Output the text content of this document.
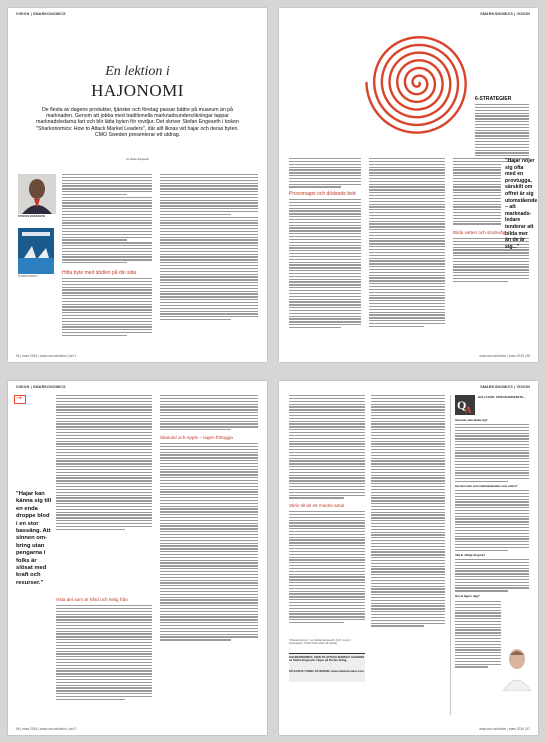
VISION | SMARKONOMICS
En lektion i
HAJONOMI
De flesta av dagens produkter, tjänster och företag passar bättre på museum än på marknaden. Genom att jobba med traditionella marknadsundersökningar tappar marknadsledarna fart och blir lätta byten för rovdjur. Det skriver Stefan Engeseth i boken "Sharkonomics: How to Attack Market Leaders", där allt liknas vid hajar och deras byten. CMO Sweden presenterar ett utdrag.
Av Stefan Engeseth
STEFAN ENGESETH
SHARKONOMICS
Hitta byte med dödlen på din sida
94 | mars 2016 | www.cmo.se/vision | del 1
SMARKONOMICS | VISION
6-STRATEGIER
Provsmaget och dödande bett
Bilda vatten och stridsvåg
"Hajar nöjer sig ofta med en provtugga, särskilt om offret är sig utomstående – att marknads-ledare tenderar att bilda mer än de är sig..."
www.cmo.se/vision | mars 2016 | 95
VISION | SMARKONOMICS
→
"Hajar kan känna sig till en enda droppe blod i en stor bassäng. Att sinnen om-bring utan pengarna i folks är slösat med kraft och resurser."
Hitta det som är hård och helig från
Skandal och Apple – tagen förtugga
96 | mars 2016 | www.cmo.se/vision | del 2
SMARKONOMICS | VISION
Skriv till de ett mindre antal
"Sharkonomics," av Stefan Engeseth. Fyll i meny i kampanjen, CMO förbereder ett utdrag
SHARKONOMICS: HOW TO ATTACK MARKET LEADERS av Stefan Engeseth. Utges på Dorfas förlag.
SÅ KAN DU VINNA SÅ BOKEN: www.sharkonomics.com
Q
A
HALLÅ DÄR, STEFAN ENGESETH...
Vem kan man tänka sig?
Hur kan man som marknadsledare som möter?
Vad är viktigt att göra?
Hur är läget i dag?
www.cmo.se/vision | mars 2016 | 97
